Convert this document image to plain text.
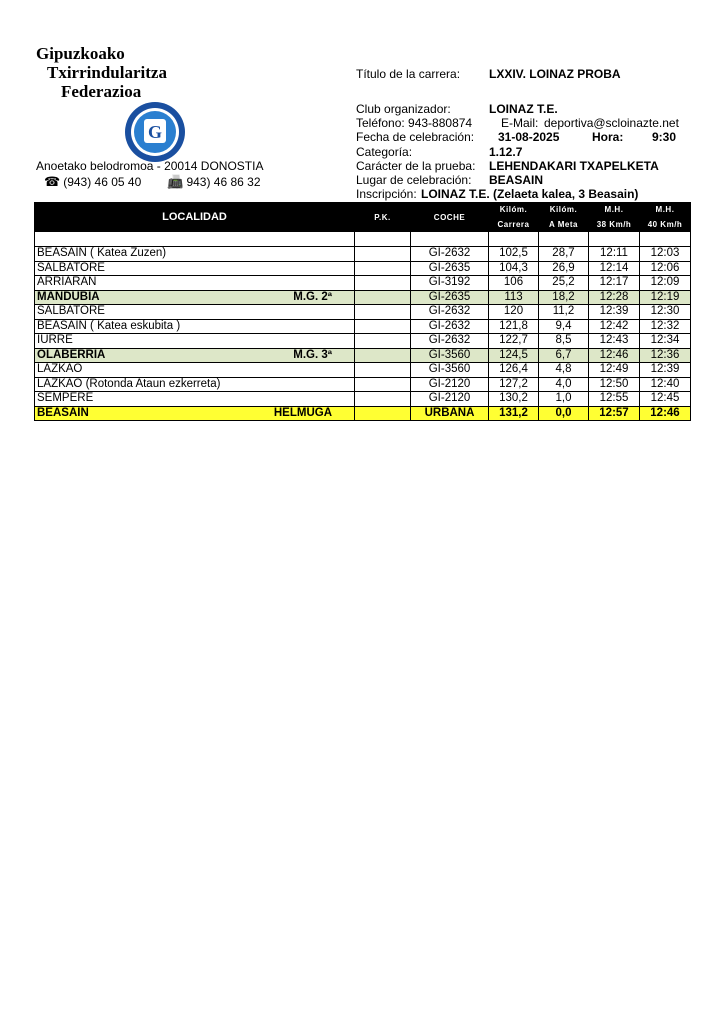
Gipuzkoako
Txirrindularitza
Federazioa
G
Anoetako belodromoa - 20014 DONOSTIA
☎ (943) 46 05 40 📠 943) 46 86 32
Título de la carrera: LXXIV. LOINAZ PROBA
Club organizador:	LOINAZ T.E.
Teléfono: 943-880874 E-Mail: deportiva@scloinazte.net
Fecha de celebración: 31-08-2025	Hora: 9:30
Categoría:	1.12.7
Carácter de la prueba: LEHENDAKARI TXAPELKETA
Lugar de celebración: BEASAIN
Inscripción: LOINAZ T.E. (Zelaeta kalea, 3 Beasain)
LOCALIDAD	P.K.	COCHE	Kilóm.	Kilóm.	M.H.	M.H.
			Carrera	A Meta	38 Km/h	40 Km/h

BEASAIN ( Katea Zuzen)		GI-2632	102,5	28,7	12:11	12:03

SALBATORE		GI-2635	104,3	26,9	12:14	12:06

ARRIARAN		GI-3192	106	25,2	12:17	12:09

MANDUBIA M.G. 2ª		GI-2635	113	18,2	12:28	12:19

SALBATORE		GI-2632	120	11,2	12:39	12:30

BEASAIN ( Katea eskubita )		GI-2632	121,8	9,4	12:42	12:32

IURRE		GI-2632	122,7	8,5	12:43	12:34

OLABERRIA M.G. 3ª		GI-3560	124,5	6,7	12:46	12:36

LAZKAO		GI-3560	126,4	4,8	12:49	12:39

LAZKAO (Rotonda Ataun ezkerreta)		GI-2120	127,2	4,0	12:50	12:40

SEMPERE		GI-2120	130,2	1,0	12:55	12:45

BEASAIN HELMUGA		URBANA	131,2	0,0	12:57	12:46
